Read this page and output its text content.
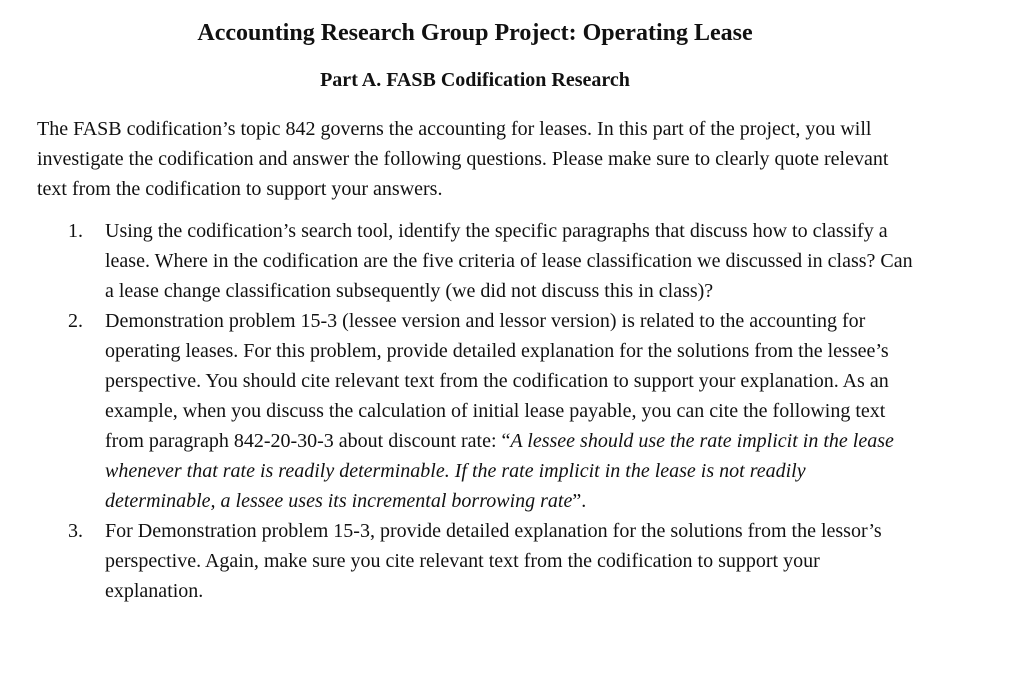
Accounting Research Group Project: Operating Lease
Part A. FASB Codification Research

The FASB codification’s topic 842 governs the accounting for leases. In this part of the project, you will investigate the codification and answer the following questions. Please make sure to clearly quote relevant text from the codification to support your answers.

1. Using the codification’s search tool, identify the specific paragraphs that discuss how to classify a lease. Where in the codification are the five criteria of lease classification we discussed in class? Can a lease change classification subsequently (we did not discuss this in class)?
2. Demonstration problem 15-3 (lessee version and lessor version) is related to the accounting for operating leases. For this problem, provide detailed explanation for the solutions from the lessee’s perspective. You should cite relevant text from the codification to support your explanation. As an example, when you discuss the calculation of initial lease payable, you can cite the following text from paragraph 842-20-30-3 about discount rate: “A lessee should use the rate implicit in the lease whenever that rate is readily determinable. If the rate implicit in the lease is not readily determinable, a lessee uses its incremental borrowing rate”.
3. For Demonstration problem 15-3, provide detailed explanation for the solutions from the lessor’s perspective. Again, make sure you cite relevant text from the codification to support your explanation.
